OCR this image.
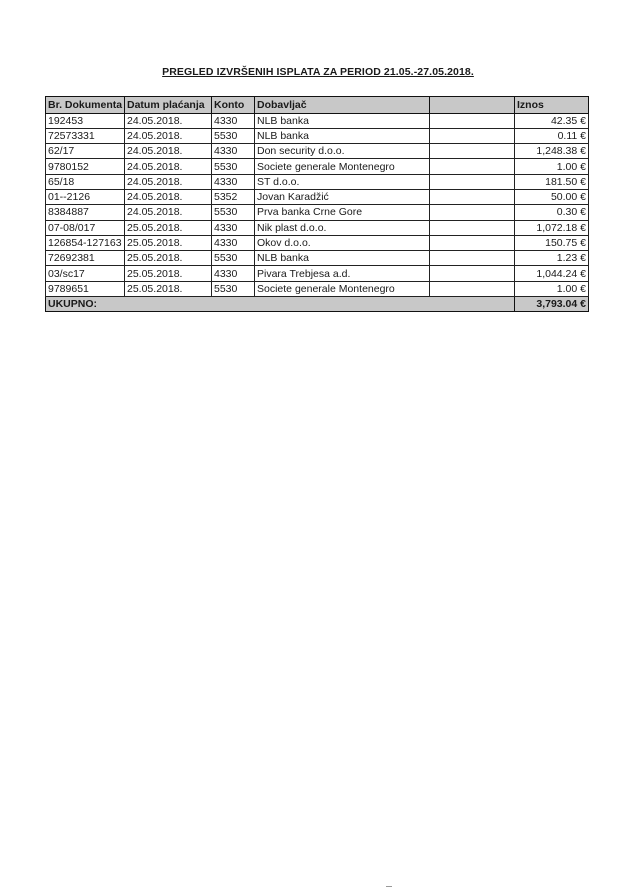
PREGLED IZVRŠENIH ISPLATA ZA PERIOD 21.05.-27.05.2018.
Br. Dokumenta	Datum plaćanja	Konto	Dobavljač		Iznos
192453	24.05.2018.	4330	NLB banka		42.35 €
72573331	24.05.2018.	5530	NLB banka		0.11 €
62/17	24.05.2018.	4330	Don security d.o.o.		1,248.38 €
9780152	24.05.2018.	5530	Societe generale Montenegro		1.00 €
65/18	24.05.2018.	4330	ST d.o.o.		181.50 €
01--2126	24.05.2018.	5352	Jovan Karadžić		50.00 €
8384887	24.05.2018.	5530	Prva banka Crne Gore		0.30 €
07-08/017	25.05.2018.	4330	Nik plast d.o.o.		1,072.18 €
126854-127163	25.05.2018.	4330	Okov d.o.o.		150.75 €
72692381	25.05.2018.	5530	NLB banka		1.23 €
03/sc17	25.05.2018.	4330	Pivara Trebjesa a.d.		1,044.24 €
9789651	25.05.2018.	5530	Societe generale Montenegro		1.00 €
UKUPNO:					3,793.04 €
